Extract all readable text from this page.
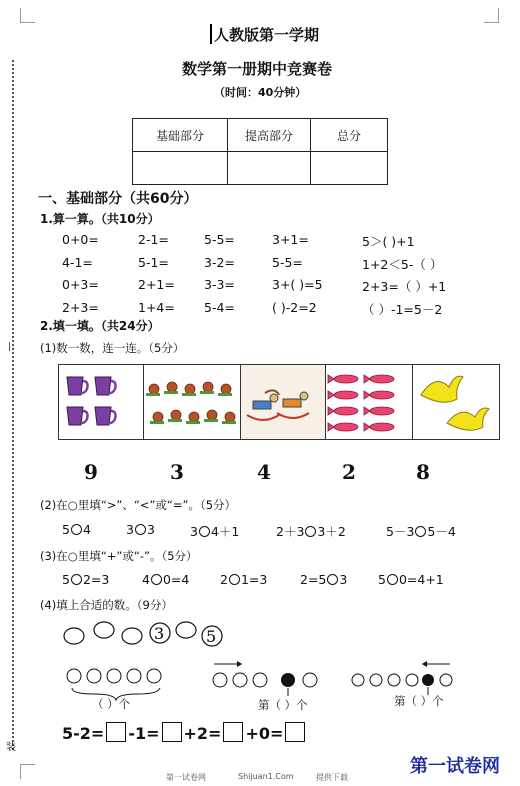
装
|
人教版第一学期
数学第一册期中竞赛卷
（时间：40分钟）
基础部分	提高部分	总分

一、基础部分（共60分）
1.算一算。（共10分）
0+0=	2-1=	5-5=	3+1=	5＞( )+1
4-1=	5-1=	3-2=	5-5=	1+2＜5-（ ）
0+3=	2+1= 3-3=	3+( )=5	2+3=（ ）+1
2+3=	1+4= 5-4=	( )-2=2	（ ）-1=5－2
2.填一填。（共24分）
(1)数一数，连一连。（5分）
9	3	4	2	8
(2)在○里填“>”、“<”或“=”。（5分）
5 4	3 3	3 4＋1	2＋3 3＋2	5－3 5－4
(3)在○里填“+”或“-”。（5分）
5 2=3	4 0=4 2 1=3	2=5 3 5 0=4+1
(4)填上合适的数。（9分）
3	5
（ ）个	第（ ）个	第（ ）个
5-2= -1= +2= +0=
第一试卷网	Shijuan1.Com	提供下载
第一试卷网
